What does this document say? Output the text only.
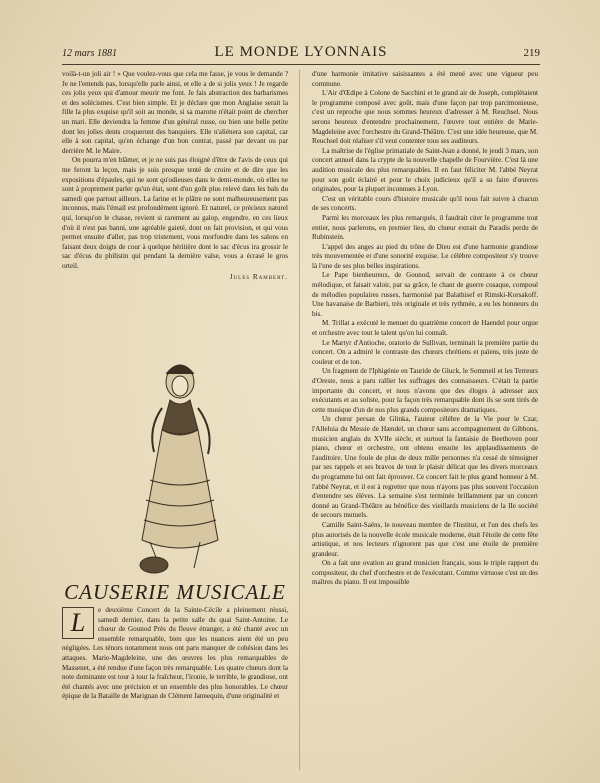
12 mars 1881	LE MONDE LYONNAIS	219

voilà-t-un joli air ! » Que voulez-vous que cela me fasse, je vous le demande ? Je ne l'entends pas, lorsqu'elle parle ainsi, et elle a de si jolis yeux ! Je regarde ces jolis yeux qui d'amour meurir me font. Je fais abstraction des barbarismes et des solécismes. C'est bien simple. Et je déclare que mon Anglaise serait la fille la plus exquise qu'il soit au monde, si sa marotte n'était point de chercher un mari. Elle deviendra la femme d'un général russe, ou bien une belle petite dont les jolies dents croqueront des banquiers. Elle n'aliénera son capital, car elle à son capital, qu'en échange d'un bon contrat, passé par devant ou par derrière M. le Maire.

On pourra m'en blâmer, et je ne suis pas éloigné d'être de l'avis de ceux qui me feront la leçon, mais je suis presque tenté de croire et de dire que les expositions d'épaules, qui ne sont qu'odieuses dans le demi-monde, où elles ne sont à proprement parler qu'un état, sont d'un goût plus relevé dans les bals du samedi que partout ailleurs. La farine et le plâtre ne sont malheureusement pas inconnus, mais l'émail est profondément ignoré. Et naturel, ce précieux naturel qui, lorsqu'on le chasse, revient si rarement au galop, engendre, en ces lieux d'où il n'est pas banni, une agréable gaieté, dont on fait provision, et qui vous permet ensuite d'aller, pas trop tristement, vous morfondre dans les salons en faisant deux doigts de cour à quelque héritière dont le sac d'écus ira grossir le sac d'écus du philistin qui pendant la dernière valse, vous a écrasé le gros orteil.

Jules Rambert.
CAUSERIE MUSICALE
L	e deuxième Concert de la Sainte-Cécile a pleinement réussi, samedi dernier, dans la petite salle du quai Saint-Antoine. Le chœur de Gounod Près du fleuve étranger, a été chanté avec un ensemble remarquable, bien que les nuances aient été un peu négligées. Les ténors notamment nous ont paru manquer de cohésion dans les attaques. Marie-Magdeleine, une des œuvres les plus remarquables de Massenet, a été rendue d'une façon très remarquable. Les quatre chœurs dont la note dominante est tour à tour la fraîcheur, l'ironie, le terrible, le grandiose, ont été chantés avec une précision et un ensemble des plus honorables. Le chœur épique de la Bataille de Marignan de Clément Jannequin, d'une originalité et

d'une harmonie imitative saisissantes a été mené avec une vigueur peu commune.

L'Air d'Œdipe à Colone de Sacchini et le grand air de Joseph, complétaient le programme composé avec goût, mais d'une façon par trop parcimonieuse, c'est un reproche que nous sommes heureux d'adresser à M. Reuchsel. Nous serons heureux d'entendre prochainement, l'œuvre tout entière de Marie-Magdeleine avec l'orchestre du Grand-Théâtre. C'est une idée heureuse, que M. Reuchsel doit réaliser s'il veut contenter tous ses auditeurs.

La maîtrise de l'église primatiale de Saint-Jean a donné, le jeudi 3 mars, son concert annuel dans la crypte de la nouvelle chapelle de Fourvière. C'est là une audition musicale des plus remarquables. Il en faut féliciter M. l'abbé Neyrat pour son goût éclairé et pour le choix judicieux qu'il a su faire d'œuvres originales, pour la plupart inconnues à Lyon.

C'est un véritable cours d'histoire musicale qu'il nous fait suivre à chacun de ses concerts.

Parmi les morceaux les plus remarqués, il faudrait citer le programme tout entier, nous parlerons, en premier lieu, du chœur extrait du Paradis perdu de Rubinstein.

L'appel des anges au pied du trône de Dieu est d'une harmonie grandiose très mouvementée et d'une sonorité exquise. Le célèbre compositeur s'y trouve là l'une de ses plus belles inspirations.

Le Pape bienheureux, de Gounod, servait de contraste à ce chœur mélodique, et faisait valoir, par sa grâce, le chant de guerre cosaque, composé de mélodies populaires russes, harmonisé par Balathisef et Rimski-Korsakoff. Une havanaise de Barbieri, très originale et très rythmée, a eu les honneurs du bis.

M. Trillat a exécuté le menuet du quatrième concert de Haendel pour orgue et orchestre avec tout le talent qu'on lui connaît.

Le Martyr d'Antioche, oratorio de Sullivan, terminait la première partie du concert. On a admiré le contraste des chœurs chrétiens et païens, très juste de couleur et de ton.

Un fragment de l'Iphigénie en Tauride de Gluck, le Sommeil et les Terreurs d'Oreste, nous a paru rallier les suffrages des connaisseurs. C'était la partie importante du concert, et nous n'avons que des éloges à adresser aux exécutants et au soliste, pour la façon très remarquable dont ils se sont tirés de cette musique d'un de nos plus grands compositeurs dramatiques.

Un chœur persan de Glinka, l'auteur célèbre de la Vie pour le Czar, l'Alleluia du Messie de Hændel, un chœur sans accompagnement de Gibbons, musicien anglais du XVIIe siècle, et surtout la fantaisie de Beethoven pour piano, chœur et orchestre, ont obtenu ensuite les applaudissements de l'auditoire. Une foule de plus de deux mille personnes n'a cessé de témoigner par ses rappels et ses bravos de tout le plaisir délicat que les divers morceaux du programme lui ont fait éprouver. Ce concert fait le plus grand honneur à M. l'abbé Neyrat, et il est à regretter que nous n'ayons pas plus souvent l'occasion d'entendre ses élèves. La semaine s'est terminée brillamment par un concert donné au Grand-Théâtre au bénéfice des vieillards musiciens de la IIe société de secours mutuels.

Camille Saint-Saëns, le nouveau membre de l'Institut, et l'un des chefs les plus autorisés de la nouvelle école musicale moderne, était l'étoile de cette fête artistique, et nos lecteurs n'ignorent pas que c'est une étoile de première grandeur.

On a fait une ovation au grand musicien français, sous le triple rapport du compositeur, du chef d'orchestre et de l'exécutant. Comme virtuose c'est un des maîtres du piano. Il est impossible
